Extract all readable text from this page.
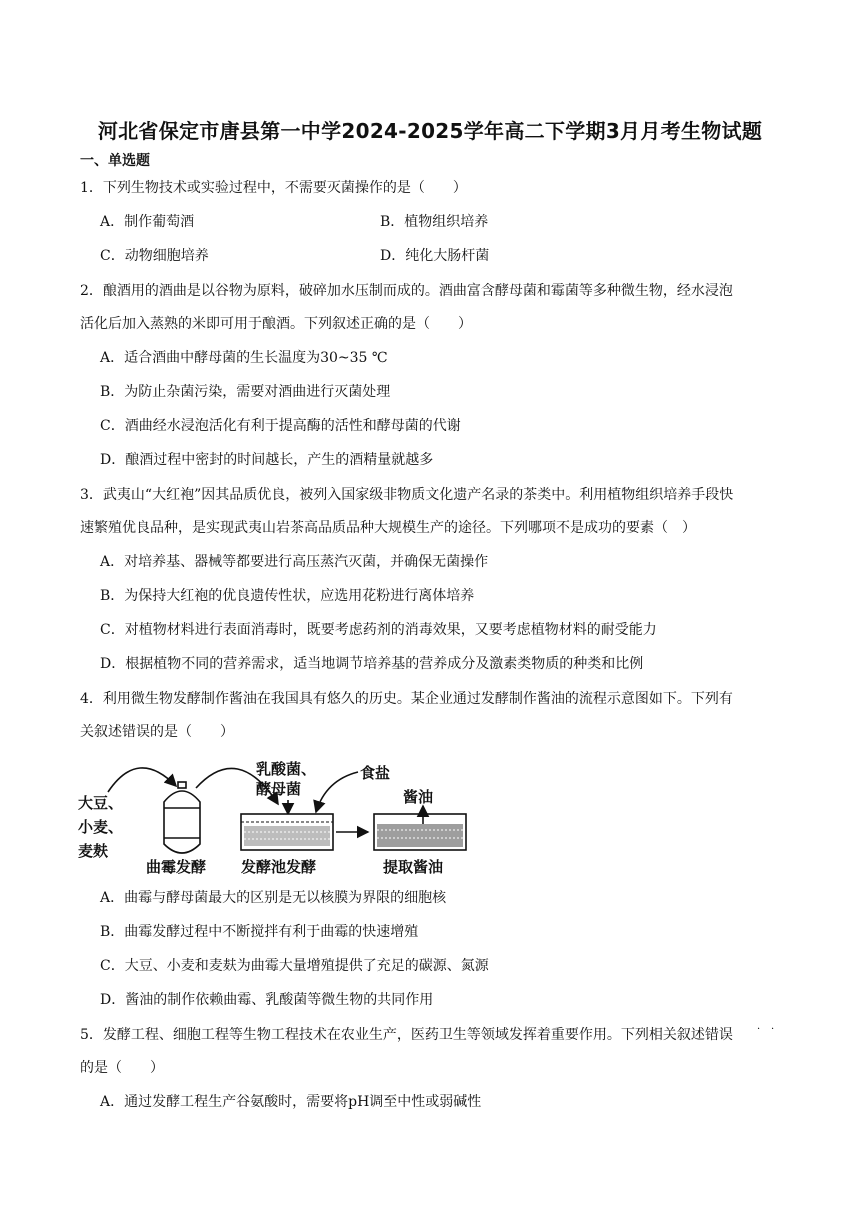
河北省保定市唐县第一中学2024-2025学年高二下学期3月月考生物试题
一、单选题
1．下列生物技术或实验过程中，不需要灭菌操作的是（　　）
A．制作葡萄酒	B．植物组织培养
C．动物细胞培养	D．纯化大肠杆菌
2．酿酒用的酒曲是以谷物为原料，破碎加水压制而成的。酒曲富含酵母菌和霉菌等多种微生物，经水浸泡
活化后加入蒸熟的米即可用于酿酒。下列叙述正确的是（　　）
A．适合酒曲中酵母菌的生长温度为30~35 ℃
B．为防止杂菌污染，需要对酒曲进行灭菌处理
C．酒曲经水浸泡活化有利于提高酶的活性和酵母菌的代谢
D．酿酒过程中密封的时间越长，产生的酒精量就越多
3．武夷山“大红袍”因其品质优良，被列入国家级非物质文化遗产名录的茶类中。利用植物组织培养手段快
速繁殖优良品种，是实现武夷山岩茶高品质品种大规模生产的途径。下列哪项不是成功的要素（　）
A．对培养基、器械等都要进行高压蒸汽灭菌，并确保无菌操作
B．为保持大红袍的优良遗传性状，应选用花粉进行离体培养
C．对植物材料进行表面消毒时，既要考虑药剂的消毒效果，又要考虑植物材料的耐受能力
D．根据植物不同的营养需求，适当地调节培养基的营养成分及激素类物质的种类和比例
4．利用微生物发酵制作酱油在我国具有悠久的历史。某企业通过发酵制作酱油的流程示意图如下。下列有
关叙述错误的是（　　）
大豆、
小麦、
麦麸
曲霉发酵
乳酸菌、
酵母菌
食盐
发酵池发酵
酱油
提取酱油
A．曲霉与酵母菌最大的区别是无以核膜为界限的细胞核
B．曲霉发酵过程中不断搅拌有利于曲霉的快速增殖
C．大豆、小麦和麦麸为曲霉大量增殖提供了充足的碳源、氮源
D．酱油的制作依赖曲霉、乳酸菌等微生物的共同作用
5．发酵工程、细胞工程等生物工程技术在农业生产，医药卫生等领域发挥着重要作用。下列相关叙述错误	· ·
的是（　　）
A．通过发酵工程生产谷氨酸时，需要将pH调至中性或弱碱性
